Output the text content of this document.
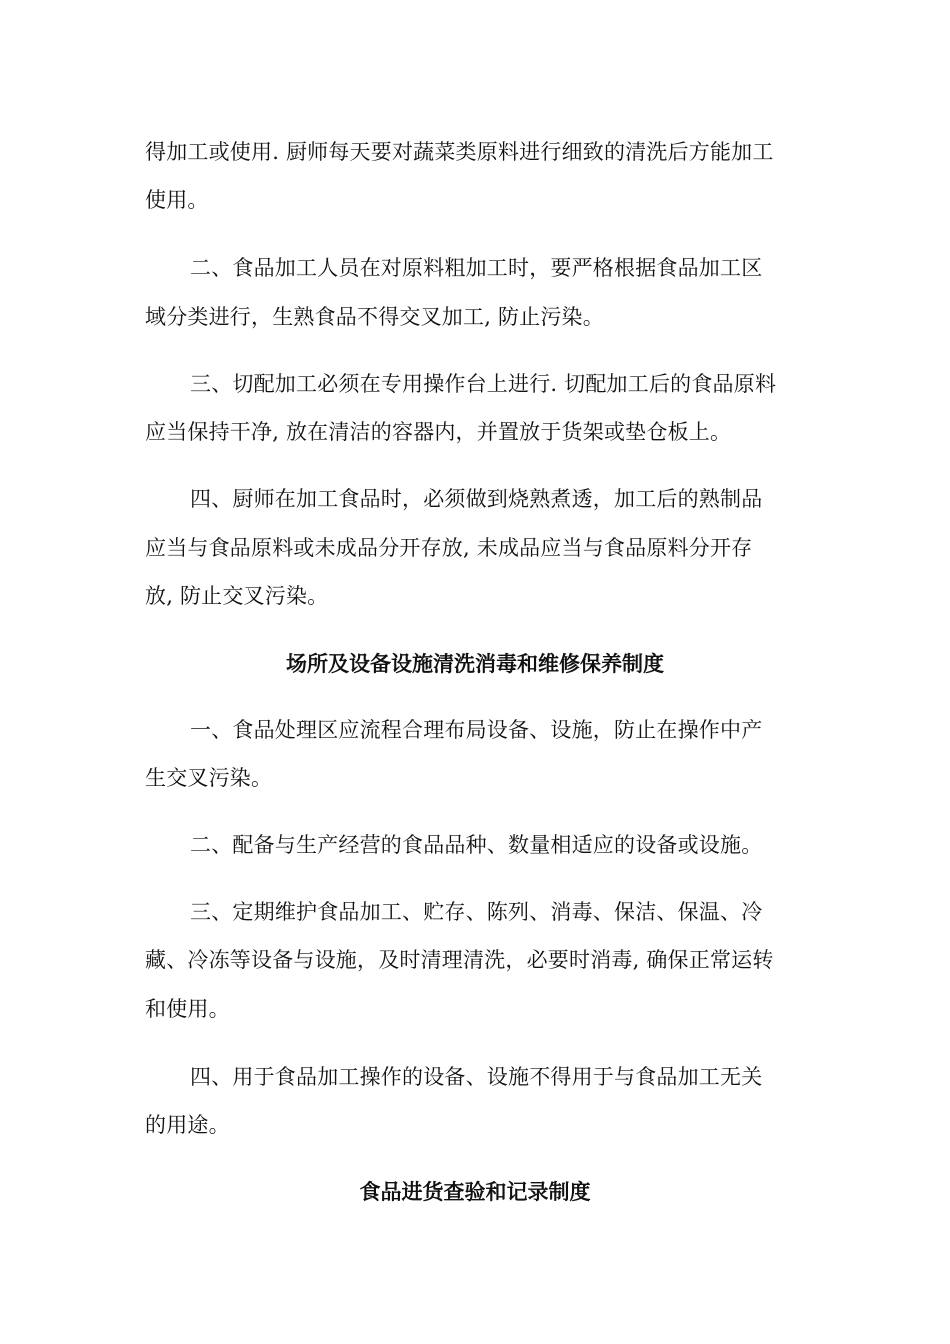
得加工或使用. 厨师每天要对蔬菜类原料进行细致的清洗后方能加工
使用。
二、食品加工人员在对原料粗加工时，要严格根据食品加工区
域分类进行，生熟食品不得交叉加工, 防止污染。
三、切配加工必须在专用操作台上进行. 切配加工后的食品原料
应当保持干净, 放在清洁的容器内，并置放于货架或垫仓板上。
四、厨师在加工食品时，必须做到烧熟煮透，加工后的熟制品
应当与食品原料或未成品分开存放, 未成品应当与食品原料分开存
放, 防止交叉污染。
场所及设备设施清洗消毒和维修保养制度
一、食品处理区应流程合理布局设备、设施，防止在操作中产
生交叉污染。
二、配备与生产经营的食品品种、数量相适应的设备或设施。
三、定期维护食品加工、贮存、陈列、消毒、保洁、保温、冷
藏、冷冻等设备与设施，及时清理清洗，必要时消毒, 确保正常运转
和使用。
四、用于食品加工操作的设备、设施不得用于与食品加工无关
的用途。
食品进货查验和记录制度
